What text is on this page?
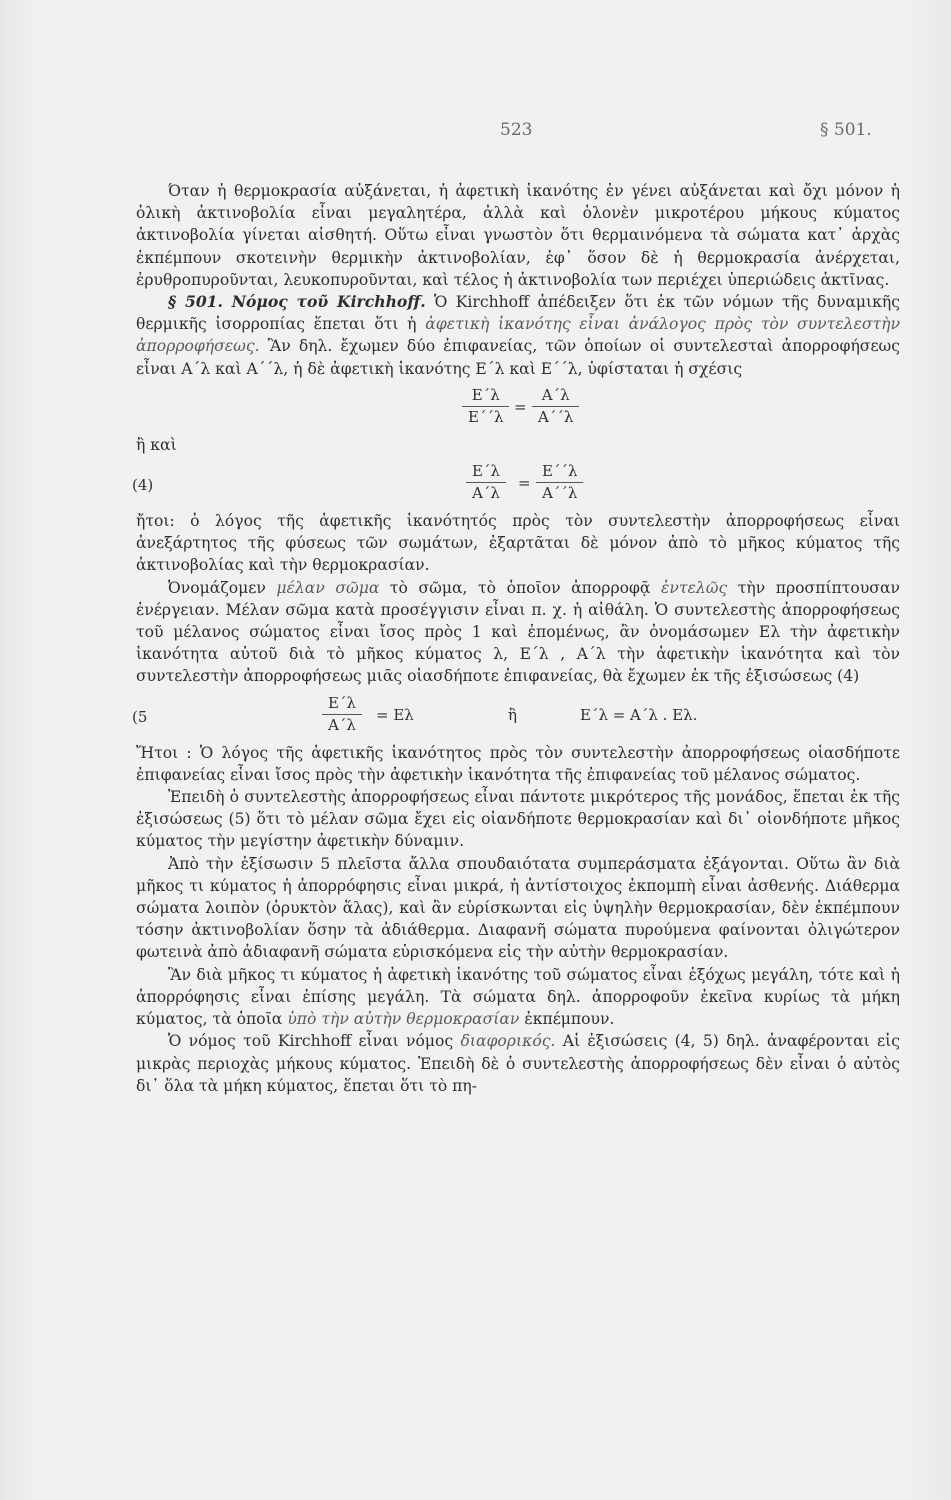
523	§ 501.

Όταν ἡ θερμοκρασία αὐξάνεται, ἡ ἀφετικὴ ἱκανότης ἐν γένει αὐξάνεται καὶ ὄχι μόνον ἡ ὁλικὴ ἀκτινοβολία εἶναι μεγαλητέρα, ἀλλὰ καὶ ὁλονὲν μικροτέρου μήκους κύματος ἀκτινοβολία γίνεται αἰσθητή. Οὕτω εἶναι γνωστὸν ὅτι θερμαινόμενα τὰ σώματα κατ᾽ ἀρχὰς ἐκπέμπουν σκοτεινὴν θερμικὴν ἀκτινοβολίαν, ἐφ᾽ ὅσον δὲ ἡ θερμοκρασία ἀνέρχεται, ἐρυθροπυροῦνται, λευκοπυροῦνται, καὶ τέλος ἡ ἀκτινοβολία των περιέχει ὑπεριώδεις ἀκτῖνας.

§ 501. Νόμος τοῦ Kirchhoff. Ὁ Kirchhoff ἀπέδειξεν ὅτι ἐκ τῶν νόμων τῆς δυναμικῆς θερμικῆς ἰσορροπίας ἕπεται ὅτι ἡ ἀφετικὴ ἱκανότης εἶναι ἀνάλογος πρὸς τὸν συντελεστὴν ἀπορροφήσεως. Ἂν δηλ. ἔχωμεν δύο ἐπιφανείας, τῶν ὁποίων οἱ συντελεσταὶ ἀπορροφήσεως εἶναι Α΄λ καὶ Α΄΄λ, ἡ δὲ ἀφετικὴ ἱκανότης Ε΄λ καὶ Ε΄΄λ, ὑφίσταται ἡ σχέσις

Ε΄λ
Ε΄΄λ
=
Α΄λ
Α΄΄λ

ἢ καὶ

(4)
Ε΄λ
Α΄λ
=
Ε΄΄λ
Α΄΄λ

ἤτοι: ὁ λόγος τῆς ἀφετικῆς ἱκανότητός πρὸς τὸν συντελεστὴν ἀπορροφήσεως εἶναι ἀνεξάρτητος τῆς φύσεως τῶν σωμάτων, ἐξαρτᾶται δὲ μόνον ἀπὸ τὸ μῆκος κύματος τῆς ἀκτινοβολίας καὶ τὴν θερμοκρασίαν.

Ὀνομάζομεν μέλαν σῶμα τὸ σῶμα, τὸ ὁποῖον ἀπορροφᾷ ἐντελῶς τὴν προσπίπτουσαν ἐνέργειαν. Μέλαν σῶμα κατὰ προσέγγισιν εἶναι π. χ. ἡ αἰθάλη. Ὁ συντελεστὴς ἀπορροφήσεως τοῦ μέλανος σώματος εἶναι ἴσος πρὸς 1 καὶ ἐπομένως, ἂν ὀνομάσωμεν Ελ τὴν ἀφετικὴν ἱκανότητα αὐτοῦ διὰ τὸ μῆκος κύματος λ, Ε΄λ , Α΄λ τὴν ἀφετικὴν ἱκανότητα καὶ τὸν συντελεστὴν ἀπορροφήσεως μιᾶς οἱασδήποτε ἐπιφανείας, θὰ ἔχωμεν ἐκ τῆς ἐξισώσεως (4)

(5
Ε΄λ
Α΄λ
= Ελ	ἢ	Ε΄λ = Α΄λ . Ελ.

Ἤτοι : Ὁ λόγος τῆς ἀφετικῆς ἱκανότητος πρὸς τὸν συντελεστὴν ἀπορροφήσεως οἱασδήποτε ἐπιφανείας εἶναι ἴσος πρὸς τὴν ἀφετικὴν ἱκανότητα τῆς ἐπιφανείας τοῦ μέλανος σώματος.

Ἐπειδὴ ὁ συντελεστὴς ἀπορροφήσεως εἶναι πάντοτε μικρότερος τῆς μονάδος, ἕπεται ἐκ τῆς ἐξισώσεως (5) ὅτι τὸ μέλαν σῶμα ἔχει εἰς οἱανδήποτε θερμοκρασίαν καὶ δι᾽ οἱονδήποτε μῆκος κύματος τὴν μεγίστην ἀφετικὴν δύναμιν.

Ἀπὸ τὴν ἐξίσωσιν 5 πλεῖστα ἄλλα σπουδαιότατα συμπεράσματα ἐξάγονται. Οὕτω ἂν διὰ μῆκος τι κύματος ἡ ἀπορρόφησις εἶναι μικρά, ἡ ἀντίστοιχος ἐκπομπὴ εἶναι ἀσθενής. Διάθερμα σώματα λοιπὸν (ὀρυκτὸν ἅλας), καὶ ἂν εὑρίσκωνται εἰς ὑψηλὴν θερμοκρασίαν, δὲν ἐκπέμπουν τόσην ἀκτινοβολίαν ὅσην τὰ ἀδιάθερμα. Διαφανῆ σώματα πυρούμενα φαίνονται ὀλιγώτερον φωτεινὰ ἀπὸ ἀδιαφανῆ σώματα εὑρισκόμενα εἰς τὴν αὐτὴν θερμοκρασίαν.

Ἂν διὰ μῆκος τι κύματος ἡ ἀφετικὴ ἱκανότης τοῦ σώματος εἶναι ἐξόχως μεγάλη, τότε καὶ ἡ ἀπορρόφησις εἶναι ἐπίσης μεγάλη. Τὰ σώματα δηλ. ἀπορροφοῦν ἐκεῖνα κυρίως τὰ μήκη κύματος, τὰ ὁποῖα ὑπὸ τὴν αὐτὴν θερμοκρασίαν ἐκπέμπουν.

Ὁ νόμος τοῦ Kirchhoff εἶναι νόμος διαφορικός. Αἱ ἐξισώσεις (4, 5) δηλ. ἀναφέρονται εἰς μικρὰς περιοχὰς μήκους κύματος. Ἐπειδὴ δὲ ὁ συντελεστὴς ἀπορροφήσεως δὲν εἶναι ὁ αὐτὸς δι᾽ ὅλα τὰ μήκη κύματος, ἕπεται ὅτι τὸ πη-
